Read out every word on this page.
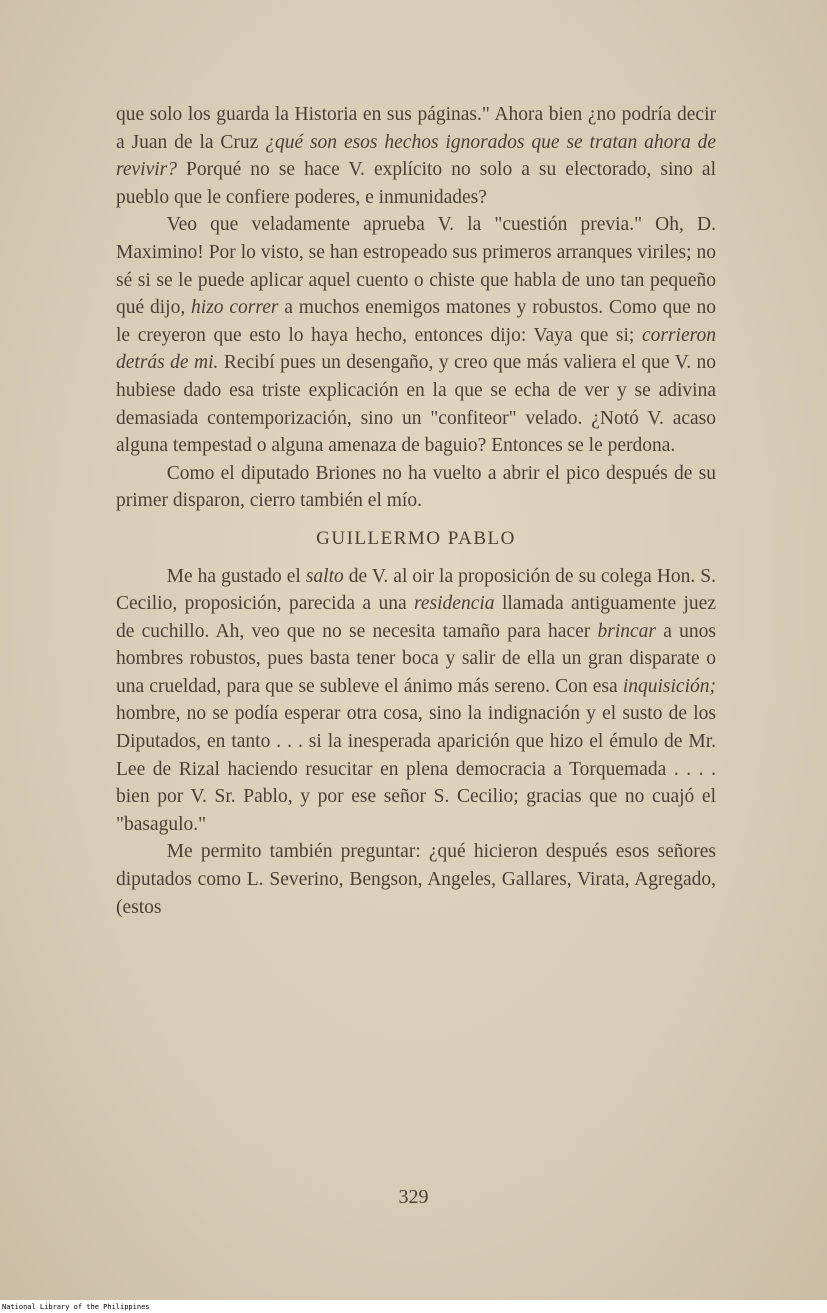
que solo los guarda la Historia en sus páginas." Ahora bien ¿no podría decir a Juan de la Cruz ¿qué son esos hechos ignorados que se tratan ahora de revivir? Porqué no se hace V. explícito no solo a su electorado, sino al pueblo que le confiere poderes, e inmunidades?

Veo que veladamente aprueba V. la "cuestión previa." Oh, D. Maximino! Por lo visto, se han estropeado sus primeros arranques viriles; no sé si se le puede aplicar aquel cuento o chiste que habla de uno tan pequeño qué dijo, hizo correr a muchos enemigos matones y robustos. Como que no le creyeron que esto lo haya hecho, entonces dijo: Vaya que si; corrieron detrás de mi. Recibí pues un desengaño, y creo que más valiera el que V. no hubiese dado esa triste explicación en la que se echa de ver y se adivina demasiada contemporización, sino un "confiteor" velado. ¿Notó V. acaso alguna tempestad o alguna amenaza de baguio? Entonces se le perdona.

Como el diputado Briones no ha vuelto a abrir el pico después de su primer disparon, cierro también el mío.

GUILLERMO PABLO

Me ha gustado el salto de V. al oir la proposición de su colega Hon. S. Cecilio, proposición, parecida a una residencia llamada antiguamente juez de cuchillo. Ah, veo que no se necesita tamaño para hacer brincar a unos hombres robustos, pues basta tener boca y salir de ella un gran disparate o una crueldad, para que se subleve el ánimo más sereno. Con esa inquisición; hombre, no se podía esperar otra cosa, sino la indignación y el susto de los Diputados, en tanto . . . si la inesperada aparición que hizo el émulo de Mr. Lee de Rizal haciendo resucitar en plena democracia a Torquemada . . . . bien por V. Sr. Pablo, y por ese señor S. Cecilio; gracias que no cuajó el "basagulo."

Me permito también preguntar: ¿qué hicieron después esos señores diputados como L. Severino, Bengson, Angeles, Gallares, Virata, Agregado, (estos

329
National Library of the Philippines
